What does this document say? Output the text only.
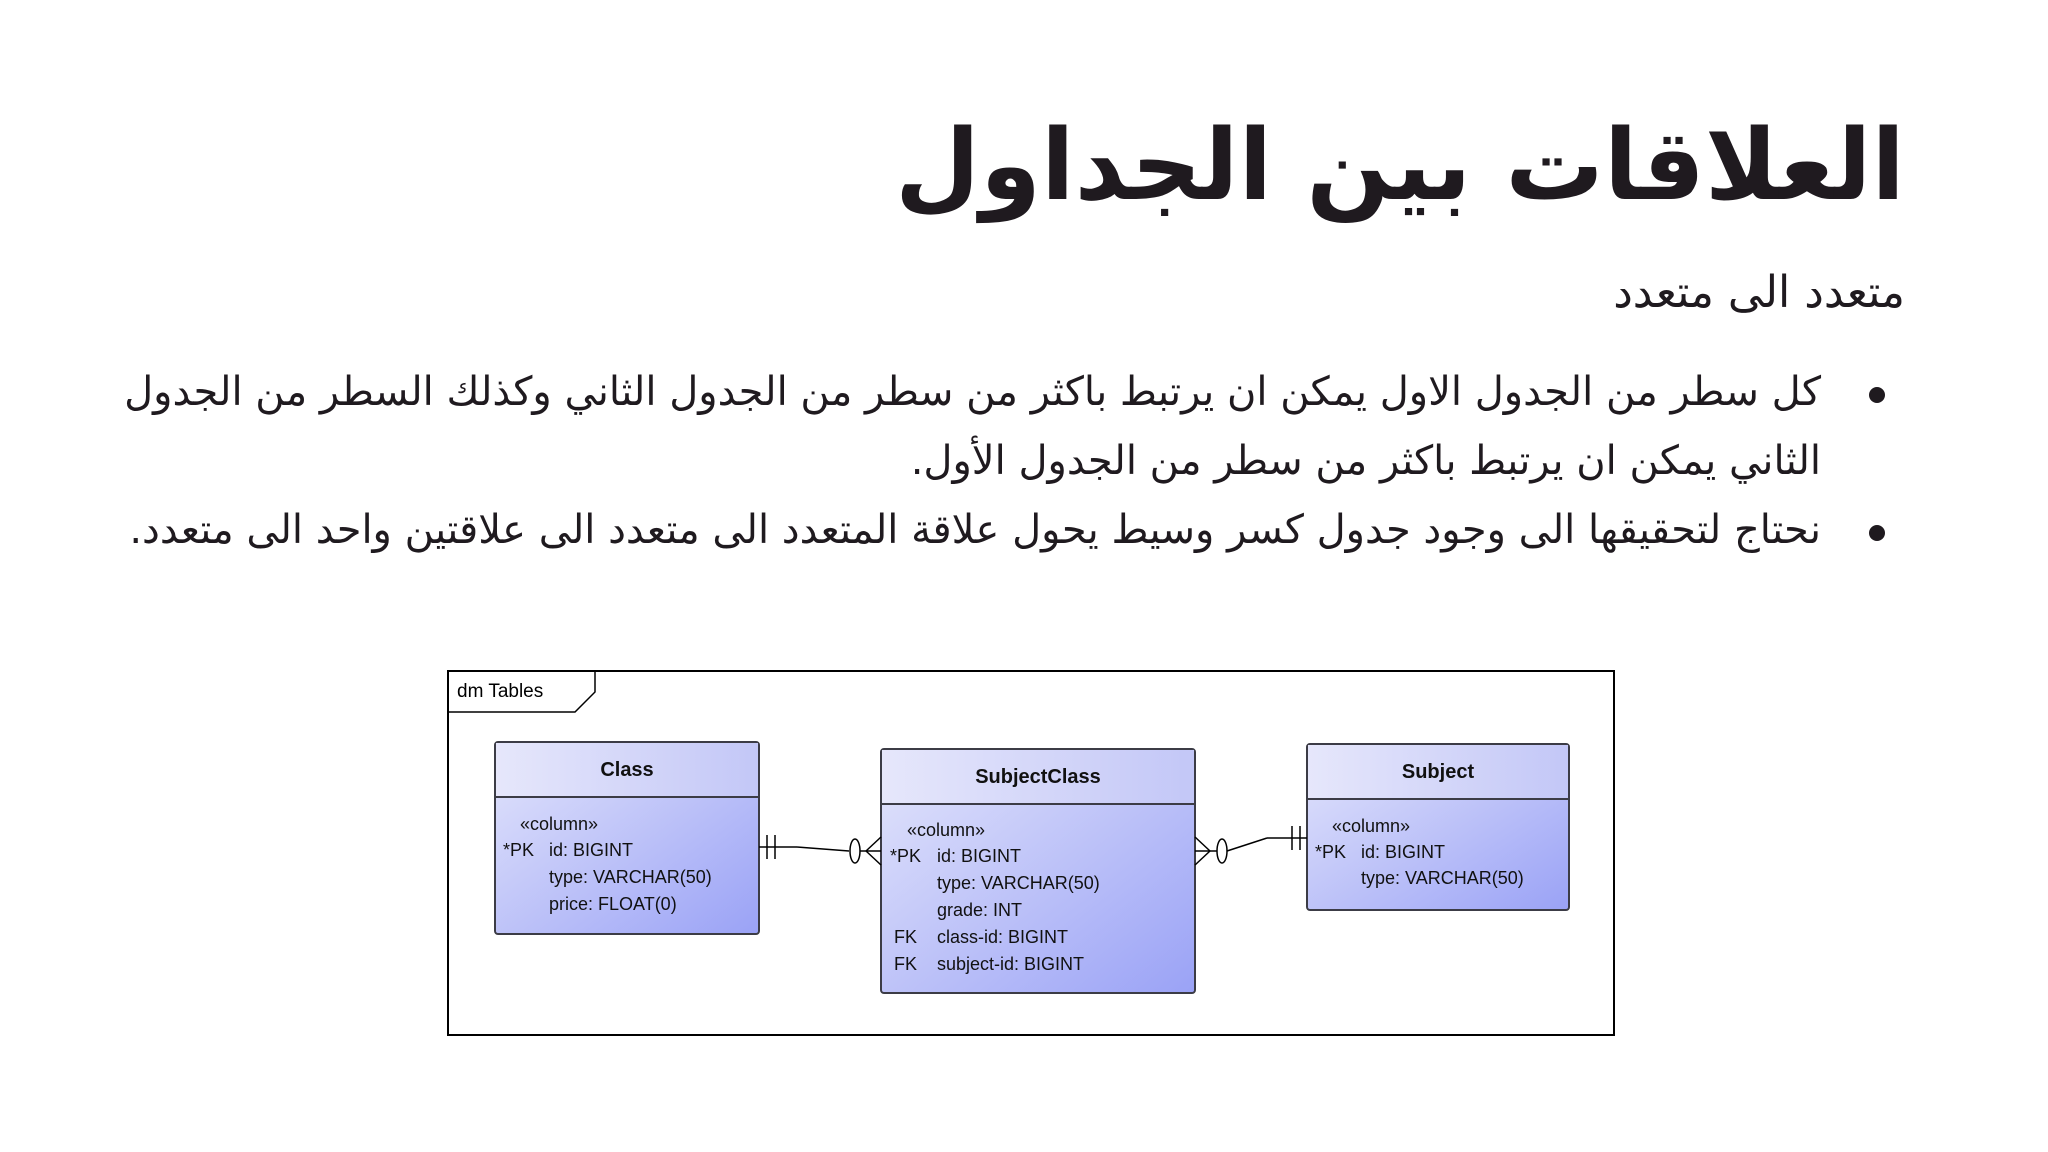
العلاقات بين الجداول

متعدد الى متعدد

كل سطر من الجدول الاول يمكن ان يرتبط باكثر من سطر من الجدول الثاني وكذلك السطر من الجدول الثاني يمكن ان يرتبط باكثر من سطر من الجدول الأول.
نحتاج لتحقيقها الى وجود جدول كسر وسيط يحول علاقة المتعدد الى متعدد الى علاقتين واحد الى متعدد.
dm Tables
Class
«column»
*PK id: BIGINT
type: VARCHAR(50)
price: FLOAT(0)
SubjectClass
«column»
*PK id: BIGINT
type: VARCHAR(50)
grade: INT
FK class-id: BIGINT
FK subject-id: BIGINT
Subject
«column»
*PK id: BIGINT
type: VARCHAR(50)
